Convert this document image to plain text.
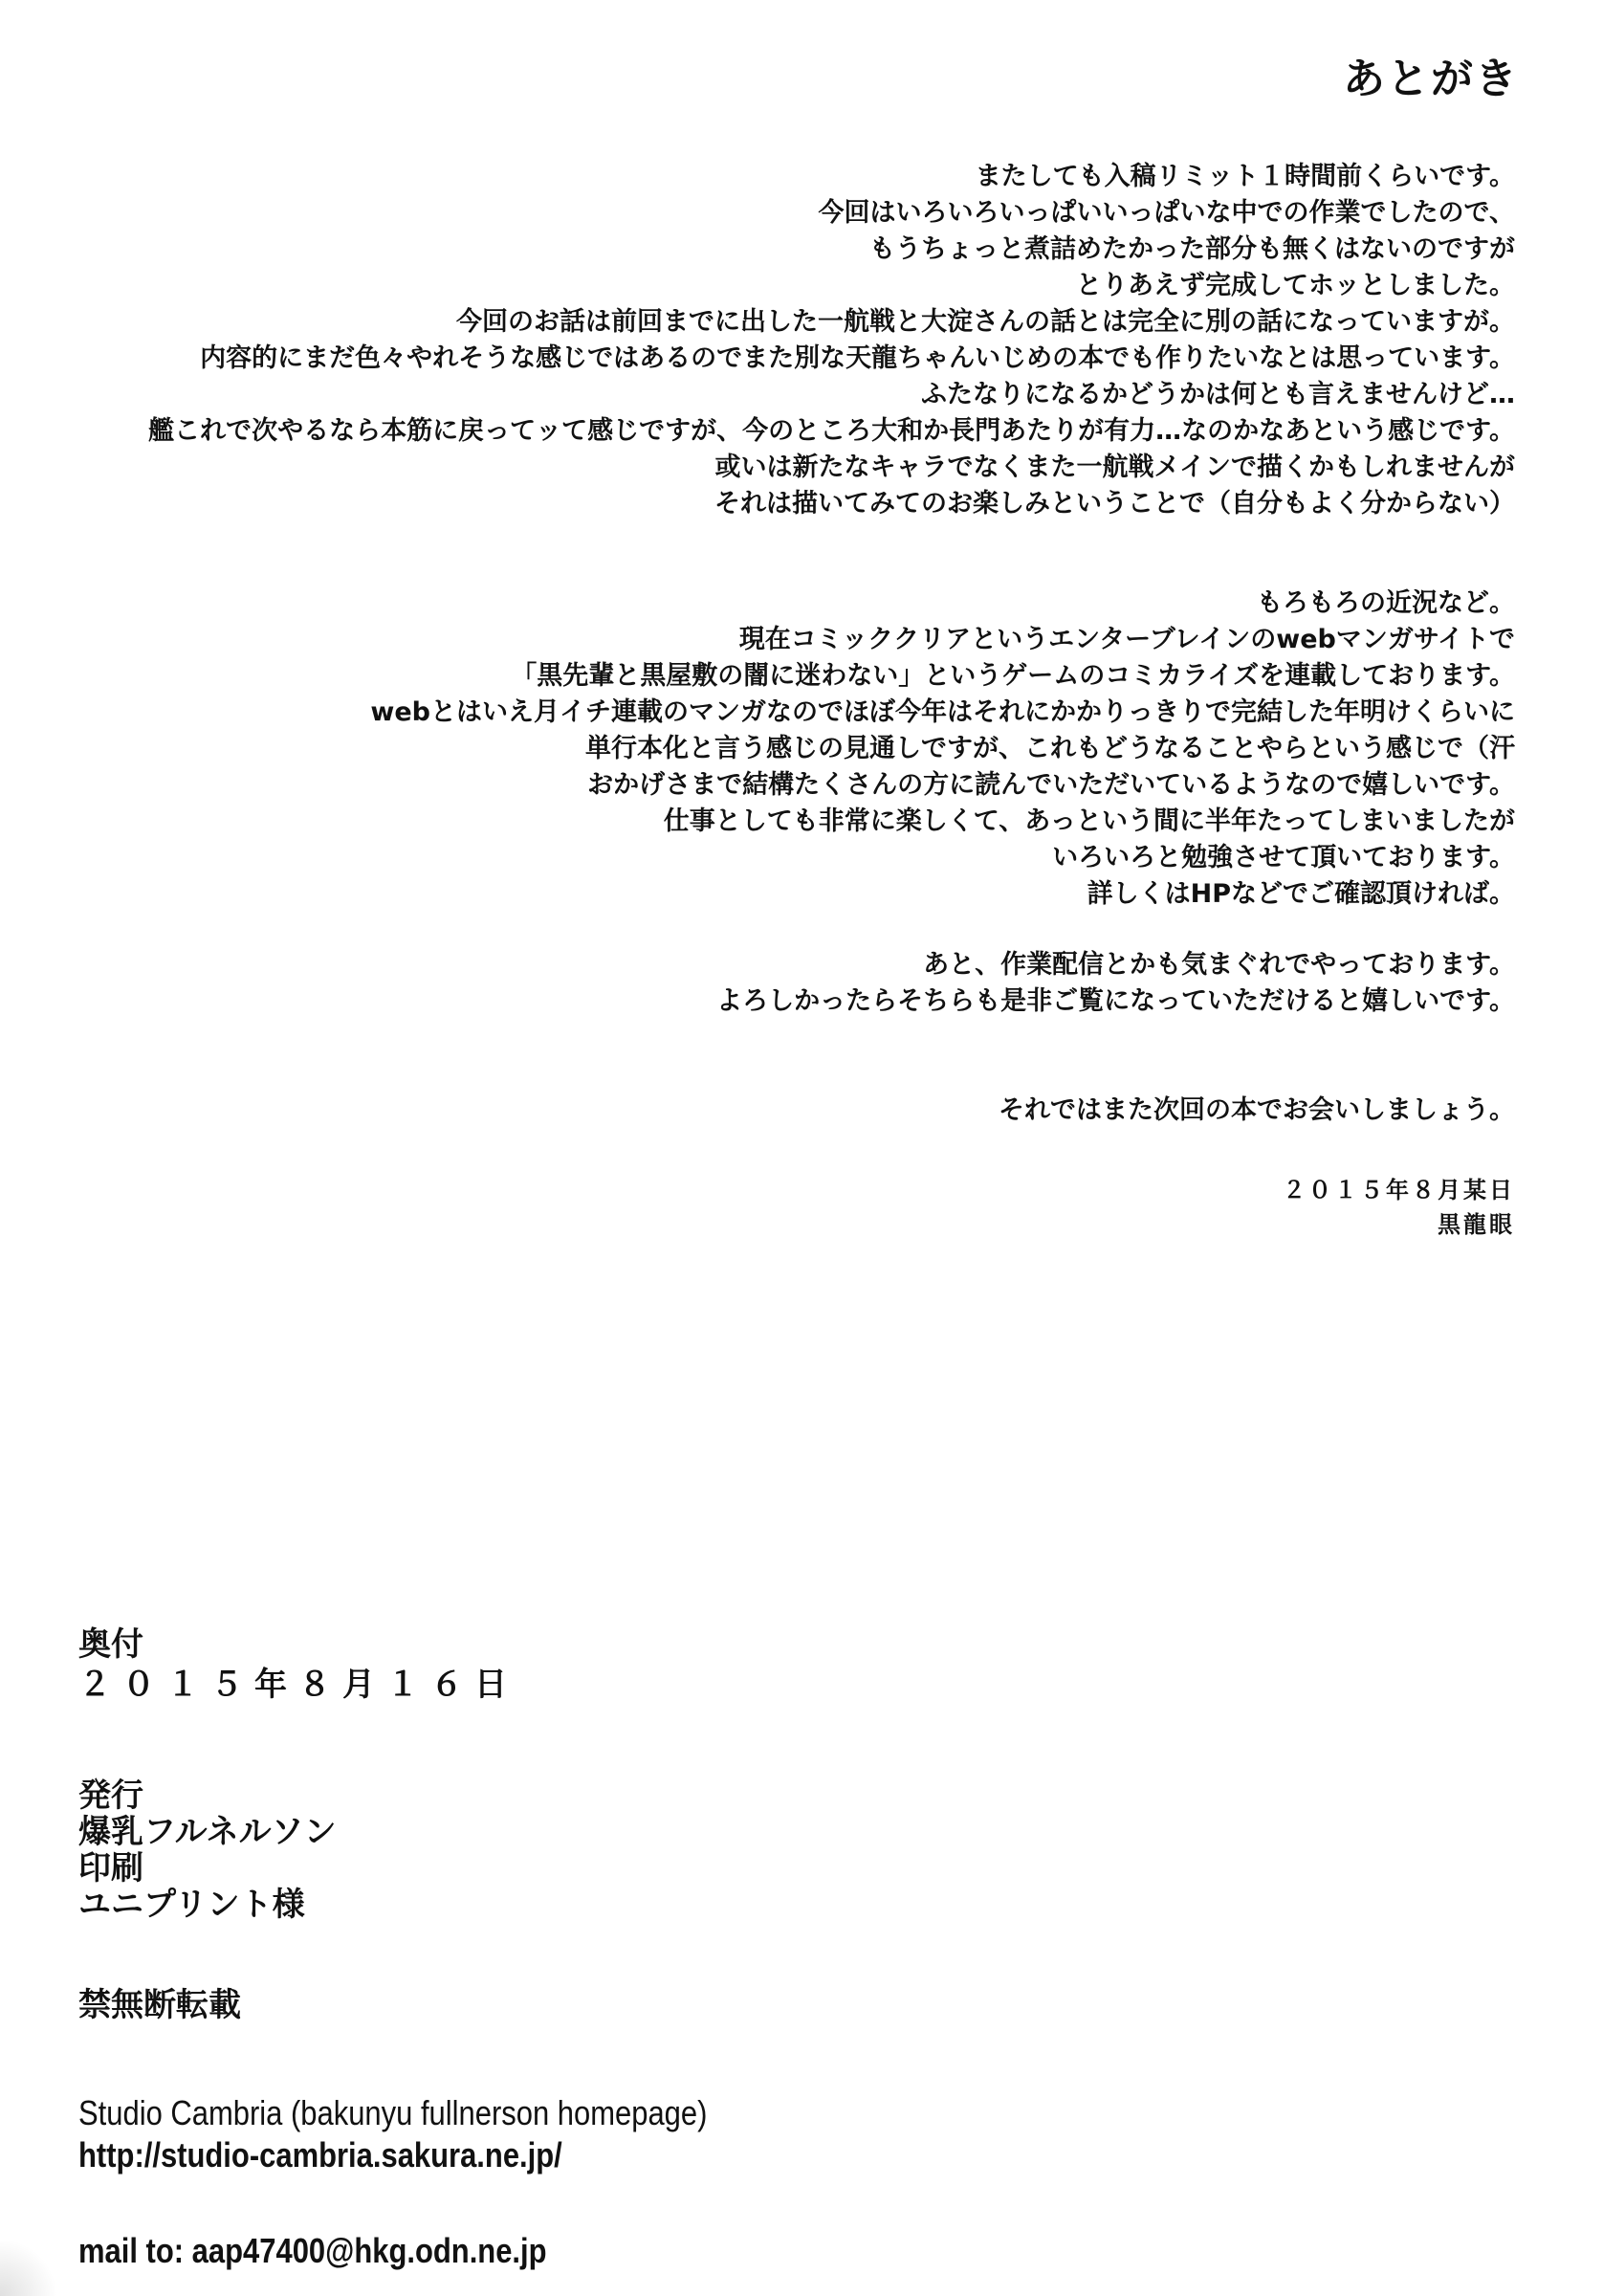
あとがき

またしても入稿リミット１時間前くらいです。
今回はいろいろいっぱいいっぱいな中での作業でしたので、
もうちょっと煮詰めたかった部分も無くはないのですが
とりあえず完成してホッとしました。
今回のお話は前回までに出した一航戦と大淀さんの話とは完全に別の話になっていますが。
内容的にまだ色々やれそうな感じではあるのでまた別な天龍ちゃんいじめの本でも作りたいなとは思っています。
ふたなりになるかどうかは何とも言えませんけど…
艦これで次やるなら本筋に戻ってッて感じですが、今のところ大和か長門あたりが有力…なのかなあという感じです。
或いは新たなキャラでなくまた一航戦メインで描くかもしれませんが
それは描いてみてのお楽しみということで（自分もよく分からない）

もろもろの近況など。
現在コミッククリアというエンターブレインのwebマンガサイトで
「黒先輩と黒屋敷の闇に迷わない」というゲームのコミカライズを連載しております。
webとはいえ月イチ連載のマンガなのでほぼ今年はそれにかかりっきりで完結した年明けくらいに
単行本化と言う感じの見通しですが、これもどうなることやらという感じで（汗
おかげさまで結構たくさんの方に読んでいただいているようなので嬉しいです。
仕事としても非常に楽しくて、あっという間に半年たってしまいましたが
いろいろと勉強させて頂いております。
詳しくはHPなどでご確認頂ければ。

あと、作業配信とかも気まぐれでやっております。
よろしかったらそちらも是非ご覧になっていただけると嬉しいです。

それではまた次回の本でお会いしましょう。

２０１５年８月某日
黒龍眼

奥付
２０１５年８月１６日
発行
爆乳フルネルソン
印刷
ユニプリント様
禁無断転載
Studio Cambria (bakunyu fullnerson homepage)
http://studio-cambria.sakura.ne.jp/
mail to: aap47400@hkg.odn.ne.jp
